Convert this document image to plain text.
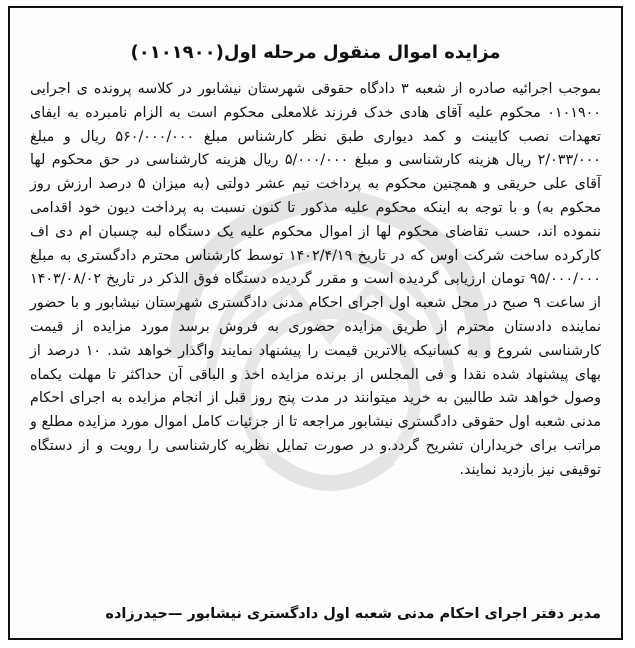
مزایده اموال منقول مرحله اول(۰۱۰۱۹۰۰)
بموجب اجرائیه صادره از شعبه ۳ دادگاه حقوقی شهرستان نیشابور در کلاسه پرونده ی اجرایی ۰۱۰۱۹۰۰ محکوم علیه آقای هادی خدک فرزند غلامعلی محکوم است به الزام نامبرده به ایفای تعهدات نصب کابینت و کمد دیواری طبق نظر کارشناس مبلغ ۵۶۰/۰۰۰/۰۰۰ ریال و مبلغ ۲/۰۳۳/۰۰۰ ریال هزینه کارشناسی و مبلغ ۵/۰۰۰/۰۰۰ ریال هزینه کارشناسی در حق محکوم لها آقای علی حریقی و همچنین محکوم به پرداخت نیم عشر دولتی (به میزان ۵ درصد ارزش روز محکوم به) و با توجه به اینکه محکوم علیه مذکور تا کنون نسبت به پرداخت دیون خود اقدامی ننموده اند، حسب تقاضای محکوم لها از اموال محکوم علیه یک دستگاه لبه چسبان ام دی اف کارکرده ساخت شرکت اوس که در تاریخ ۱۴۰۲/۴/۱۹ توسط کارشناس محترم دادگستری به مبلغ ۹۵/۰۰۰/۰۰۰ تومان ارزیابی گردیده است و مقرر گردیده دستگاه فوق الذکر در تاریخ ۱۴۰۳/۰۸/۰۲ از ساعت ۹ صبح در محل شعبه اول اجرای احکام مدنی دادگستری شهرستان نیشابور و با حضور نماینده دادستان محترم از طریق مزایده حضوری به فروش برسد مورد مزایده از قیمت کارشناسی شروع و به کسانیکه بالاترین قیمت را پیشنهاد نمایند واگذار خواهد شد. ۱۰ درصد از بهای پیشنهاد شده نقدا و فی المجلس از برنده مزایده اخذ و الباقی آن حداکثر تا مهلت یکماه وصول خواهد شد طالبین به خرید میتوانند در مدت پنج روز قبل از انجام مزایده به اجرای احکام مدنی شعبه اول حقوقی دادگستری نیشابور مراجعه تا از جزئیات کامل اموال مورد مزایده مطلع و مراتب برای خریداران تشریح گردد.و در صورت تمایل نظریه کارشناسی را رویت و از دستگاه توقیفی نیز بازدید نمایند.
مدیر دفتر اجرای احکام مدنی شعبه اول دادگستری نیشابور —حیدرزاده
